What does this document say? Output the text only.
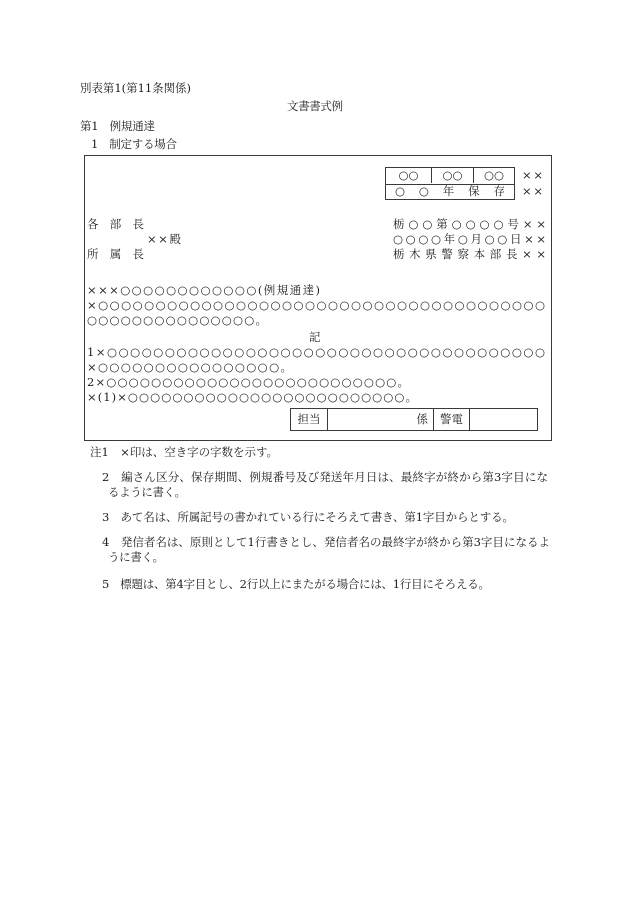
別表第1(第11条関係)
文書書式例
第1　例規通達
1　制定する場合
○○	○○	○○
○○年保存
××
××
各　部　長
××殿
所　属　長
栃○○第○○○○号××
○○○○年○月○○日××
栃木県警察本部長××
×××○○○○○○○○○○○○(例規通達)
×○○○○○○○○○○○○○○○○○○○○○○○○○○○○○○○○○○○○○○○
○○○○○○○○○○○○○○○。
記
1×○○○○○○○○○○○○○○○○○○○○○○○○○○○○○○○○○○○○○○
×○○○○○○○○○○○○○○○○。
2×○○○○○○○○○○○○○○○○○○○○○○○○○○。
×(1)×○○○○○○○○○○○○○○○○○○○○○○○○○。
担当	係	警電
注1　×印は、空き字の字数を示す。
2　編さん区分、保存期間、例規番号及び発送年月日は、最終字が終から第3字目にな
るように書く。
3　あて名は、所属記号の書かれている行にそろえて書き、第1字目からとする。
4　発信者名は、原則として1行書きとし、発信者名の最終字が終から第3字目になるよ
うに書く。
5　標題は、第4字目とし、2行以上にまたがる場合には、1行目にそろえる。
